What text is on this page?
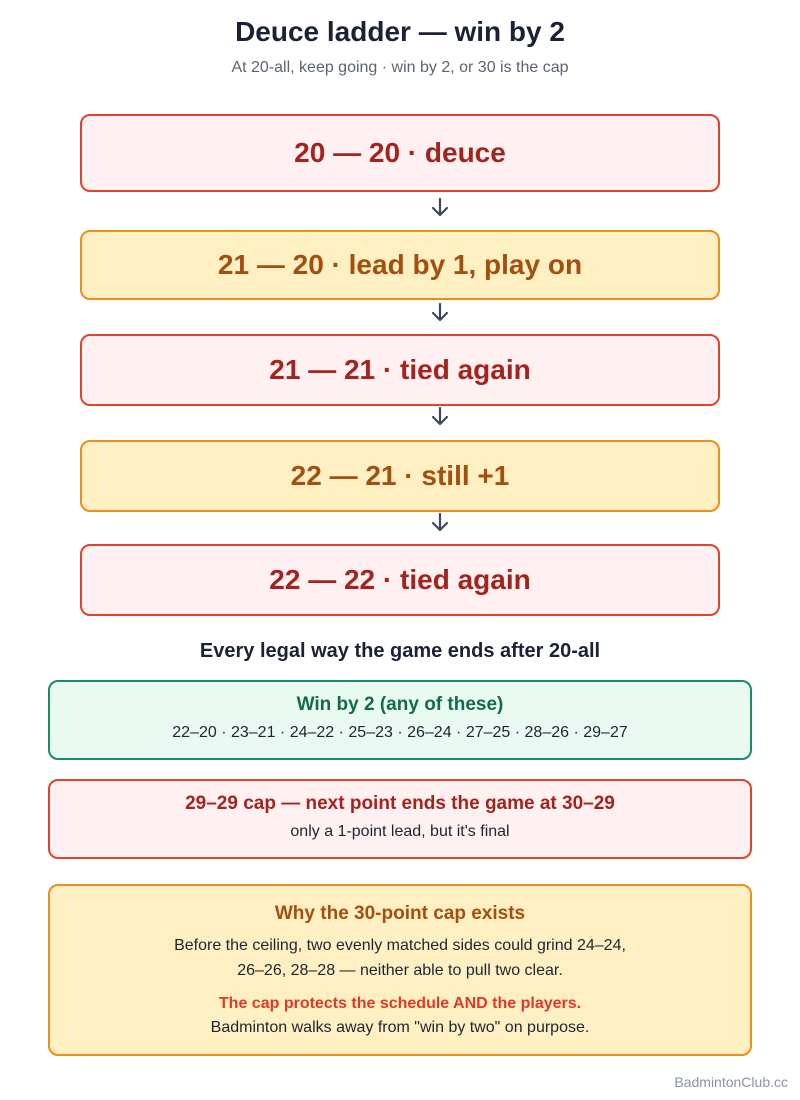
Deuce ladder — win by 2
At 20-all, keep going · win by 2, or 30 is the cap
20 — 20 · deuce
21 — 20 · lead by 1, play on
21 — 21 · tied again
22 — 21 · still +1
22 — 22 · tied again
Every legal way the game ends after 20-all
Win by 2 (any of these)
22–20 · 23–21 · 24–22 · 25–23 · 26–24 · 27–25 · 28–26 · 29–27
29–29 cap — next point ends the game at 30–29
only a 1-point lead, but it's final
Why the 30-point cap exists
Before the ceiling, two evenly matched sides could grind 24–24,
26–26, 28–28 — neither able to pull two clear.
The cap protects the schedule AND the players.
Badminton walks away from "win by two" on purpose.
BadmintonClub.cc
